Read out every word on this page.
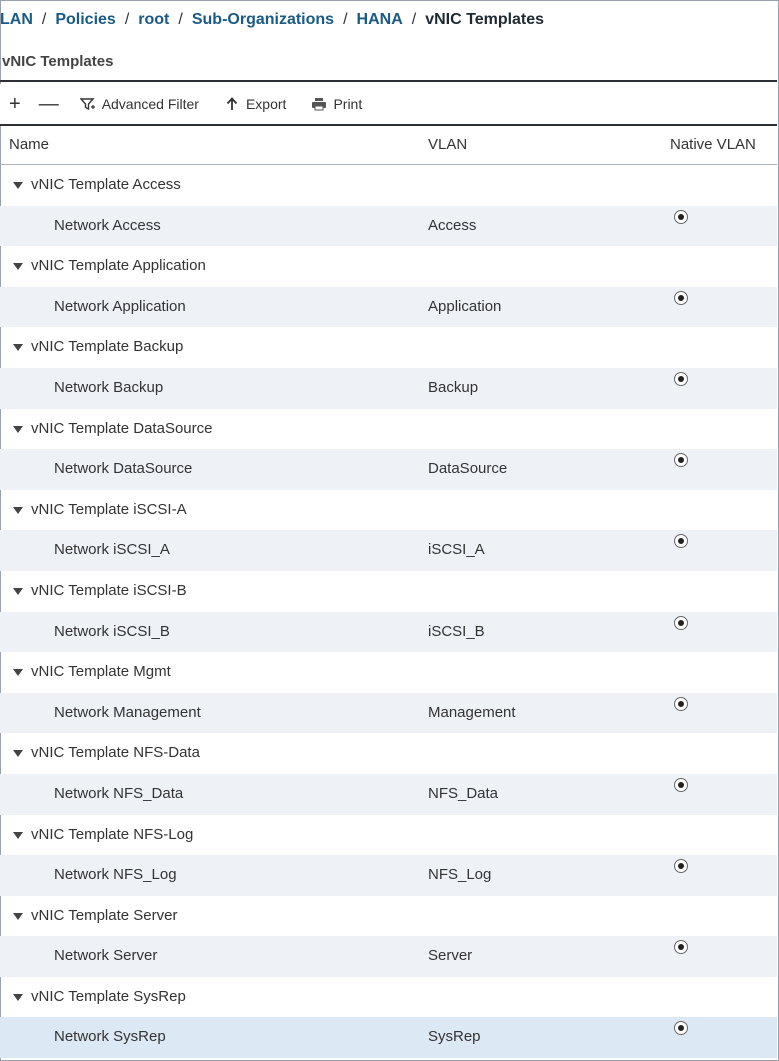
LAN / Policies / root / Sub-Organizations / HANA / vNIC Templates
vNIC Templates
+ —	Advanced Filter	Export	Print
Name	VLAN	Native VLAN
vNIC Template Access
Network Access	Access
vNIC Template Application
Network Application	Application
vNIC Template Backup
Network Backup	Backup
vNIC Template DataSource
Network DataSource	DataSource
vNIC Template iSCSI-A
Network iSCSI_A	iSCSI_A
vNIC Template iSCSI-B
Network iSCSI_B	iSCSI_B
vNIC Template Mgmt
Network Management	Management
vNIC Template NFS-Data
Network NFS_Data	NFS_Data
vNIC Template NFS-Log
Network NFS_Log	NFS_Log
vNIC Template Server
Network Server	Server
vNIC Template SysRep
Network SysRep	SysRep
